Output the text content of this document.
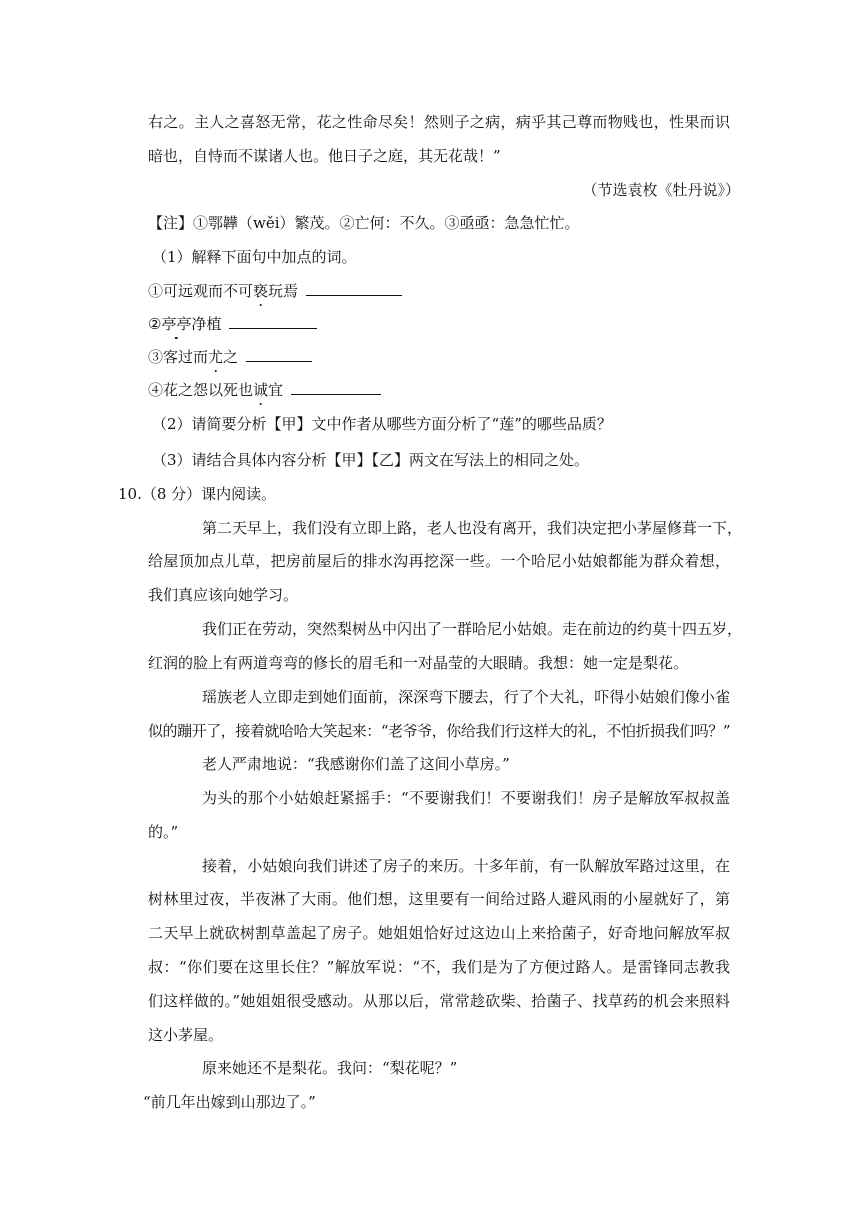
右之。主人之喜怒无常，花之性命尽矣！然则子之病，病乎其己尊而物贱也，性果而识
暗也，自恃而不谋诸人也。他日子之庭，其无花哉！”
（节选袁枚《牡丹说》）
【注】①鄂韡（wěi）繁茂。②亡何：不久。③亟亟：急急忙忙。
（1）解释下面句中加点的词。
①可远观而不可亵玩焉
②亭亭净植
③客过而尤之
④花之怨以死也诚宜
（2）请简要分析【甲】文中作者从哪些方面分析了“莲”的哪些品质？
（3）请结合具体内容分析【甲】【乙】两文在写法上的相同之处。
10.（8 分）课内阅读。
第二天早上，我们没有立即上路，老人也没有离开，我们决定把小茅屋修葺一下，
给屋顶加点儿草，把房前屋后的排水沟再挖深一些。一个哈尼小姑娘都能为群众着想，
我们真应该向她学习。
我们正在劳动，突然梨树丛中闪出了一群哈尼小姑娘。走在前边的约莫十四五岁，
红润的脸上有两道弯弯的修长的眉毛和一对晶莹的大眼睛。我想：她一定是梨花。
瑶族老人立即走到她们面前，深深弯下腰去，行了个大礼，吓得小姑娘们像小雀
似的蹦开了，接着就哈哈大笑起来：“老爷爷，你给我们行这样大的礼，不怕折损我们吗？”
老人严肃地说：“我感谢你们盖了这间小草房。”
为头的那个小姑娘赶紧摇手：“不要谢我们！不要谢我们！房子是解放军叔叔盖
的。”
接着，小姑娘向我们讲述了房子的来历。十多年前，有一队解放军路过这里，在
树林里过夜，半夜淋了大雨。他们想，这里要有一间给过路人避风雨的小屋就好了，第
二天早上就砍树割草盖起了房子。她姐姐恰好过这边山上来拾菌子，好奇地问解放军叔
叔：“你们要在这里长住？”解放军说：“不，我们是为了方便过路人。是雷锋同志教我
们这样做的。”她姐姐很受感动。从那以后，常常趁砍柴、拾菌子、找草药的机会来照料
这小茅屋。
原来她还不是梨花。我问：“梨花呢？”
“前几年出嫁到山那边了。”
